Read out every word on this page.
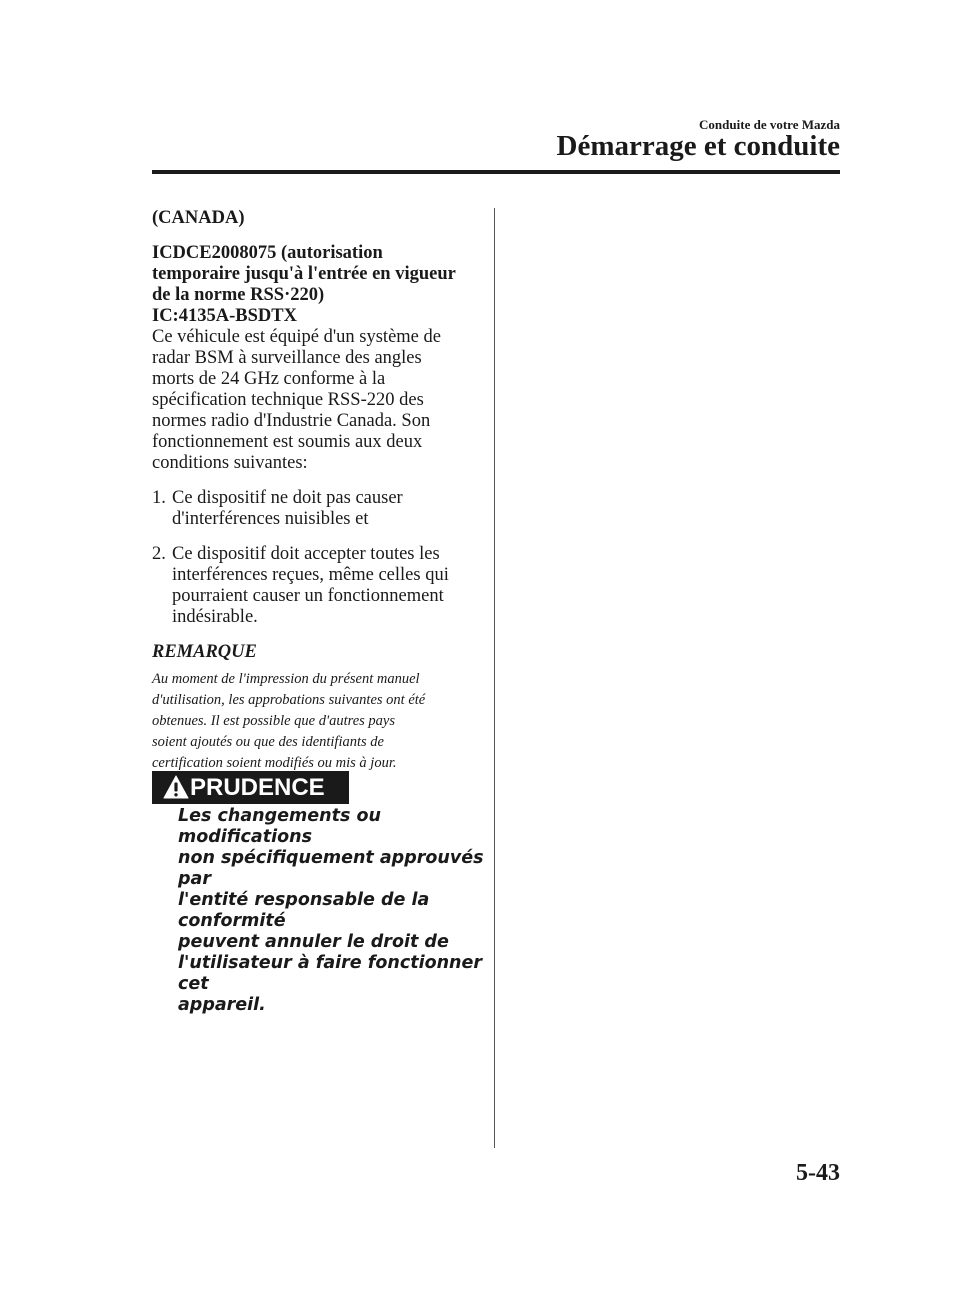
Conduite de votre Mazda
Démarrage et conduite

(CANADA)

ICDCE2008075 (autorisation

temporaire jusqu'à l'entrée en vigueur

de la norme RSS·220)

IC:4135A-BSDTX

Ce véhicule est équipé d'un système de

radar BSM à surveillance des angles

morts de 24 GHz conforme à la

spécification technique RSS-220 des

normes radio d'Industrie Canada. Son

fonctionnement est soumis aux deux

conditions suivantes:

1. Ce dispositif ne doit pas causer

d'interférences nuisibles et

2. Ce dispositif doit accepter toutes les

interférences reçues, même celles qui

pourraient causer un fonctionnement

indésirable.

REMARQUE

Au moment de l'impression du présent manuel

d'utilisation, les approbations suivantes ont été

obtenues. Il est possible que d'autres pays

soient ajoutés ou que des identifiants de

certification soient modifiés ou mis à jour.

PRUDENCE
Les changements ou modifications
non spécifiquement approuvés par
l'entité responsable de la conformité
peuvent annuler le droit de
l'utilisateur à faire fonctionner cet
appareil.
5-43
